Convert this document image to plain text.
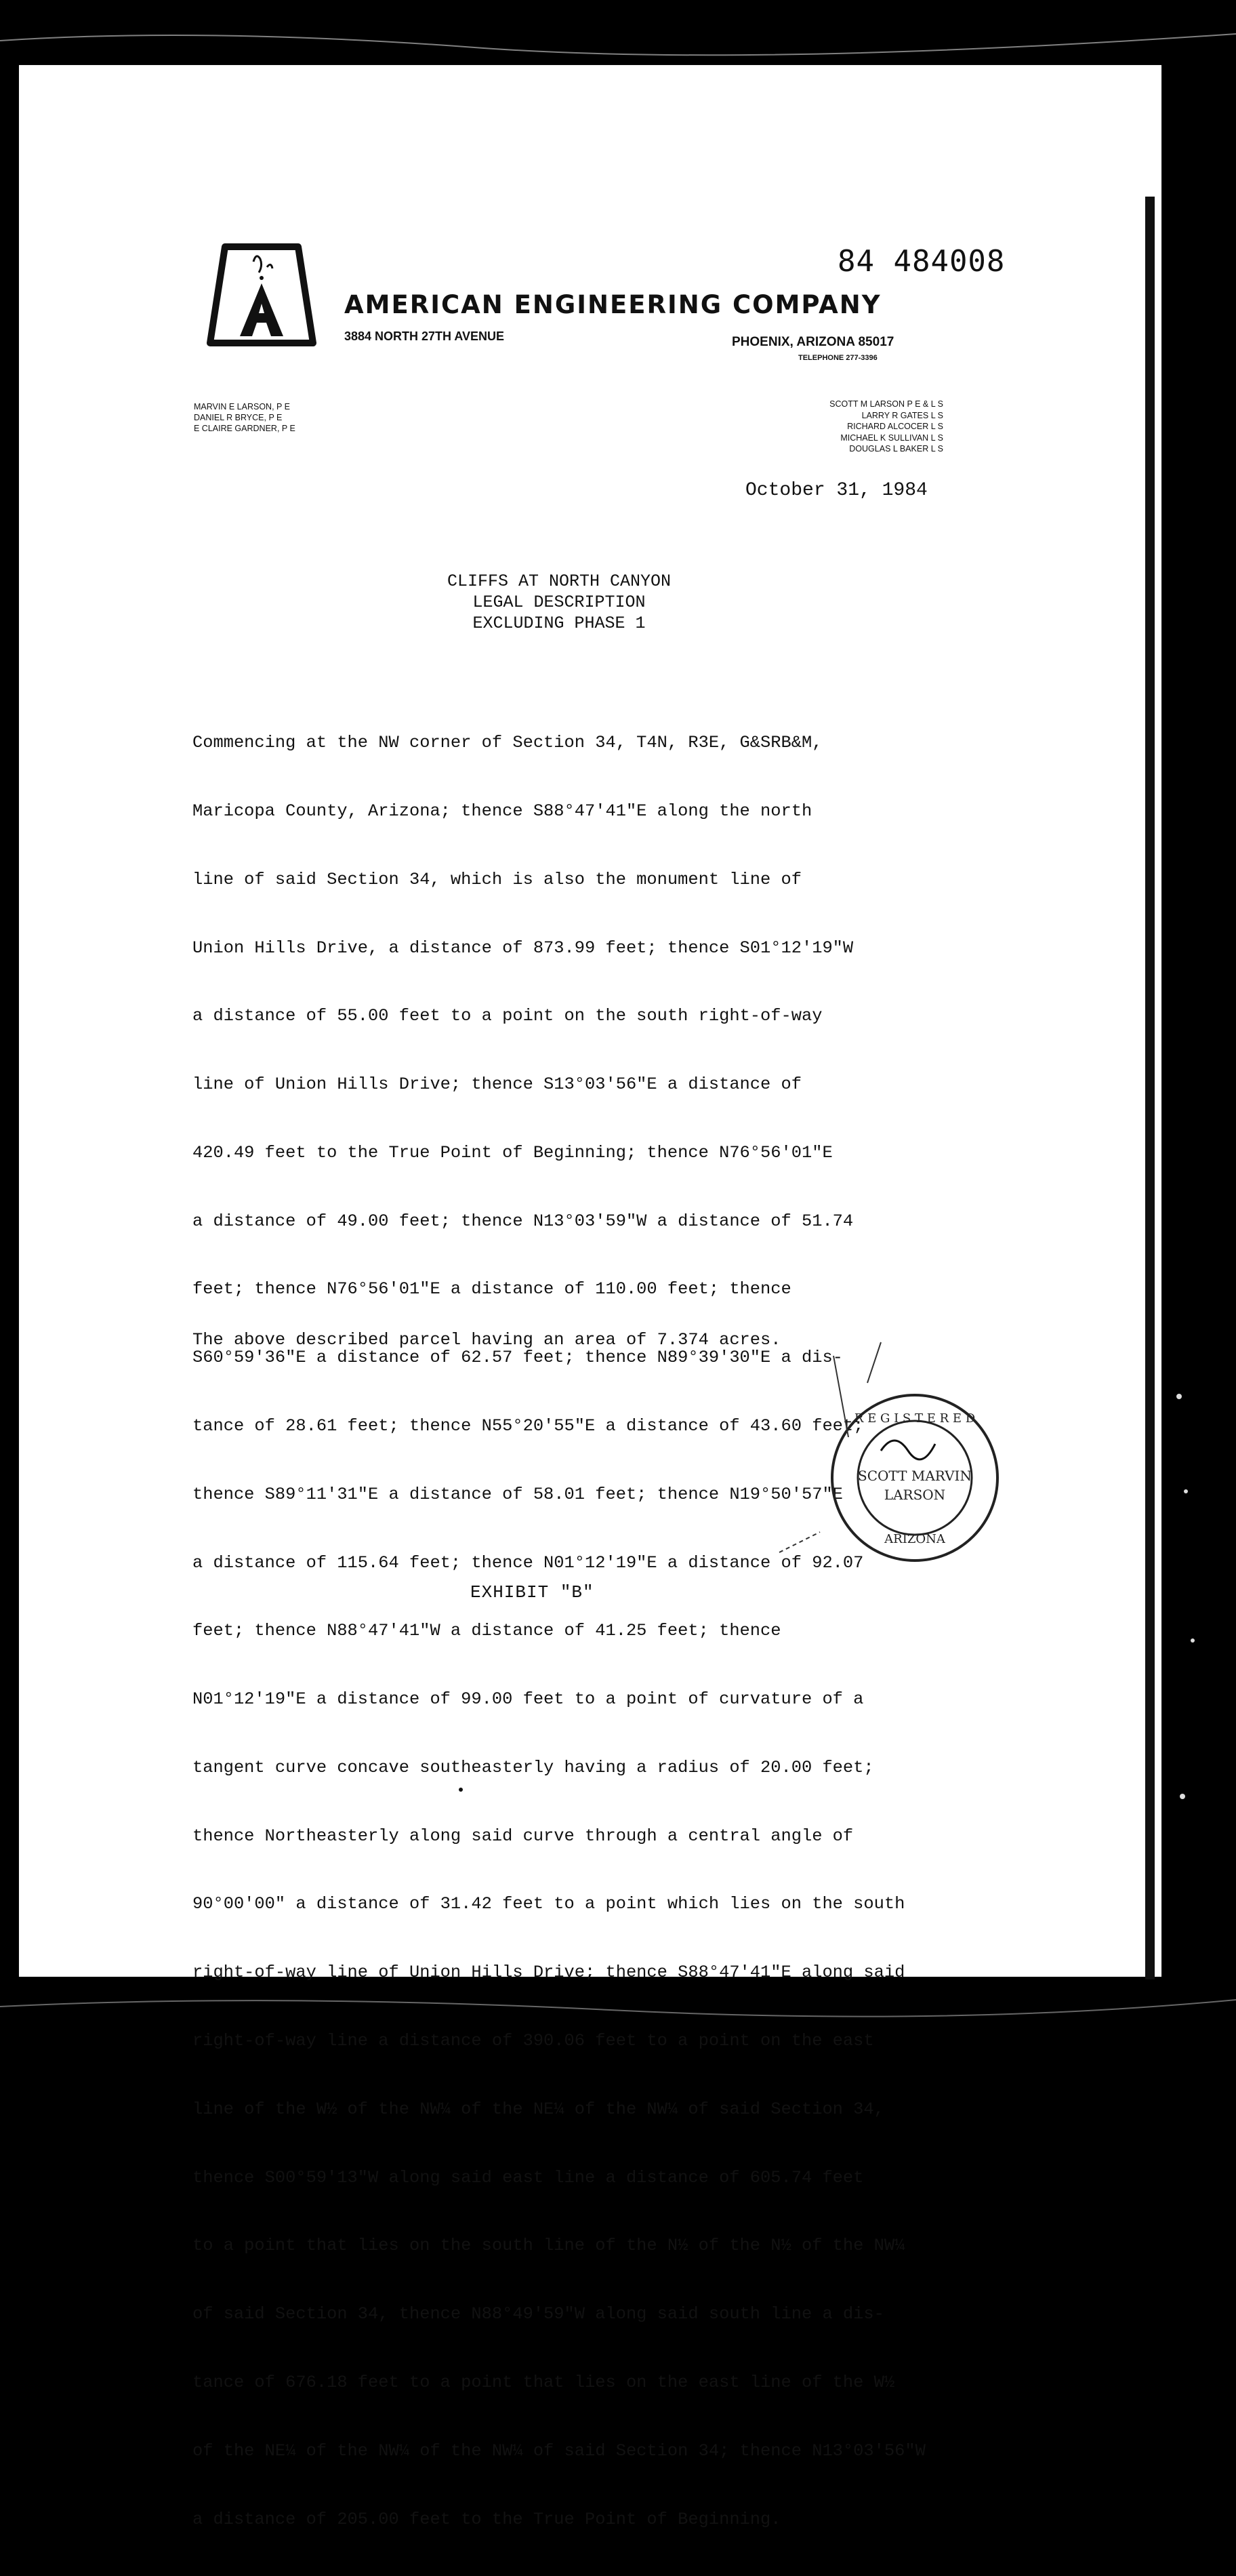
84 484008
AMERICAN ENGINEERING COMPANY
3884 NORTH 27TH AVENUE	PHOENIX, ARIZONA 85017
TELEPHONE 277-3396
MARVIN E LARSON, P E
DANIEL R BRYCE, P E
E CLAIRE GARDNER, P E
SCOTT M LARSON P E & L S
LARRY R GATES L S
RICHARD ALCOCER L S
MICHAEL K SULLIVAN L S
DOUGLAS L BAKER L S
October 31, 1984
CLIFFS AT NORTH CANYON
LEGAL DESCRIPTION
EXCLUDING PHASE 1

Commencing at the NW corner of Section 34, T4N, R3E, G&SRB&M,

Maricopa County, Arizona; thence S88°47'41"E along the north

line of said Section 34, which is also the monument line of

Union Hills Drive, a distance of 873.99 feet; thence S01°12'19"W

a distance of 55.00 feet to a point on the south right-of-way

line of Union Hills Drive; thence S13°03'56"E a distance of

420.49 feet to the True Point of Beginning; thence N76°56'01"E

a distance of 49.00 feet; thence N13°03'59"W a distance of 51.74

feet; thence N76°56'01"E a distance of 110.00 feet; thence

S60°59'36"E a distance of 62.57 feet; thence N89°39'30"E a dis-

tance of 28.61 feet; thence N55°20'55"E a distance of 43.60 feet;

thence S89°11'31"E a distance of 58.01 feet; thence N19°50'57"E

a distance of 115.64 feet; thence N01°12'19"E a distance of 92.07

feet; thence N88°47'41"W a distance of 41.25 feet; thence

N01°12'19"E a distance of 99.00 feet to a point of curvature of a

tangent curve concave southeasterly having a radius of 20.00 feet;

thence Northeasterly along said curve through a central angle of

90°00'00" a distance of 31.42 feet to a point which lies on the south

right-of-way line of Union Hills Drive; thence S88°47'41"E along said

right-of-way line a distance of 390.06 feet to a point on the east

line of the W½ of the NW¼ of the NE¼ of the NW¼ of said Section 34,

thence S00°59'13"W along said east line a distance of 605.74 feet

to a point that lies on the south line of the N½ of the N½ of the NW¼

of said Section 34, thence N88°49'59"W along said south line a dis-

tance of 676.18 feet to a point that lies on the east line of the W½

of the NE¼ of the NW¼ of the NW¼ of said Section 34; thence N13°03'56"W

a distance of 205.00 feet to the True Point of Beginning.

The above described parcel having an area of 7.374 acres.
R E G I S T E R E D
SCOTT MARVIN
LARSON
ARIZONA
EXHIBIT "B"
